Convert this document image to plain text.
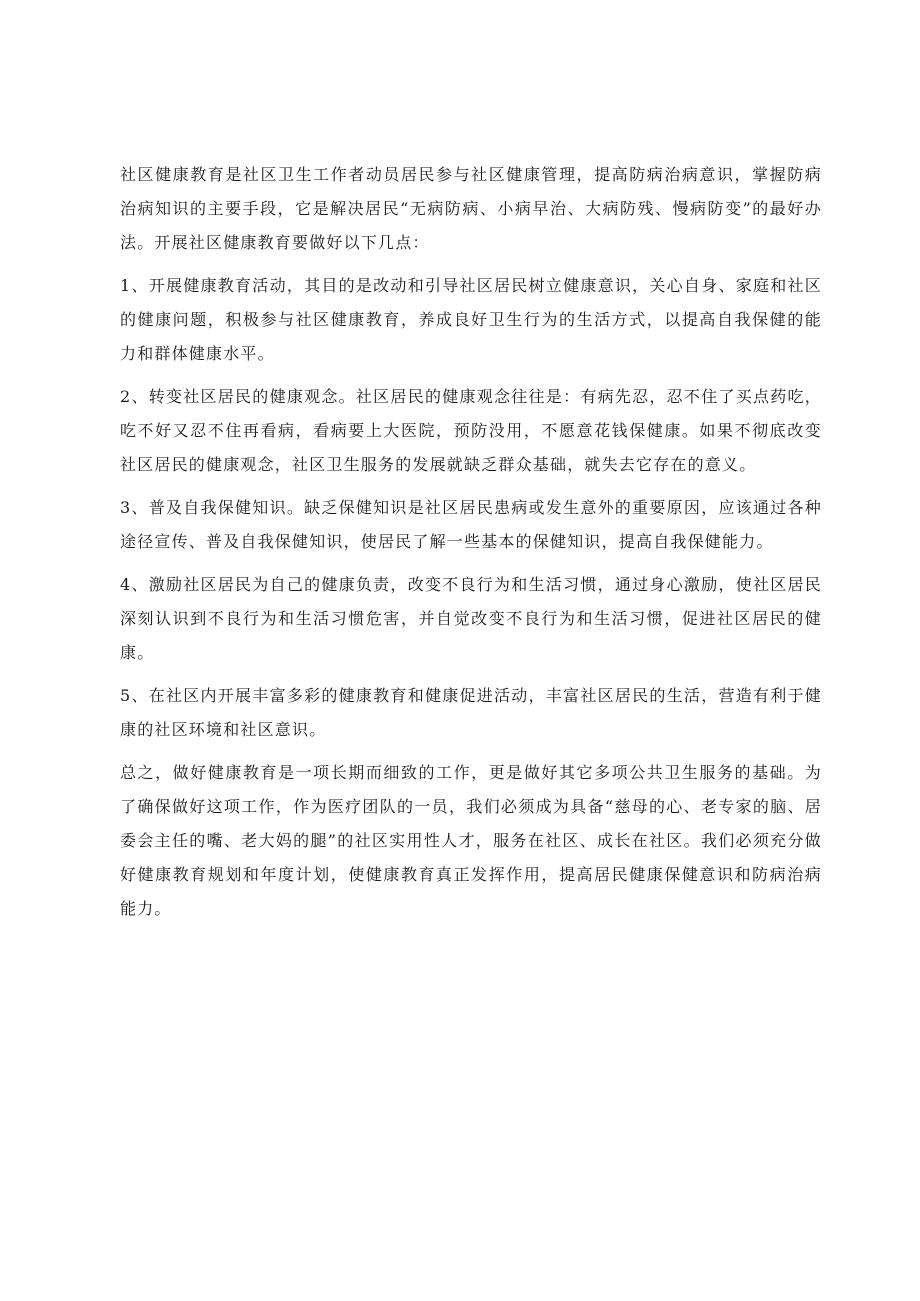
社区健康教育是社区卫生工作者动员居民参与社区健康管理，提高防病治病意识，掌握防病治病知识的主要手段，它是解决居民“无病防病、小病早治、大病防残、慢病防变”的最好办法。开展社区健康教育要做好以下几点：

1、开展健康教育活动，其目的是改动和引导社区居民树立健康意识，关心自身、家庭和社区的健康问题，积极参与社区健康教育，养成良好卫生行为的生活方式，以提高自我保健的能力和群体健康水平。

2、转变社区居民的健康观念。社区居民的健康观念往往是：有病先忍，忍不住了买点药吃，吃不好又忍不住再看病，看病要上大医院，预防没用，不愿意花钱保健康。如果不彻底改变社区居民的健康观念，社区卫生服务的发展就缺乏群众基础，就失去它存在的意义。

3、普及自我保健知识。缺乏保健知识是社区居民患病或发生意外的重要原因，应该通过各种途径宣传、普及自我保健知识，使居民了解一些基本的保健知识，提高自我保健能力。

4、激励社区居民为自己的健康负责，改变不良行为和生活习惯，通过身心激励，使社区居民深刻认识到不良行为和生活习惯危害，并自觉改变不良行为和生活习惯，促进社区居民的健康。

5、在社区内开展丰富多彩的健康教育和健康促进活动，丰富社区居民的生活，营造有利于健康的社区环境和社区意识。

总之，做好健康教育是一项长期而细致的工作，更是做好其它多项公共卫生服务的基础。为了确保做好这项工作，作为医疗团队的一员，我们必须成为具备“慈母的心、老专家的脑、居委会主任的嘴、老大妈的腿”的社区实用性人才，服务在社区、成长在社区。我们必须充分做好健康教育规划和年度计划，使健康教育真正发挥作用，提高居民健康保健意识和防病治病能力。
